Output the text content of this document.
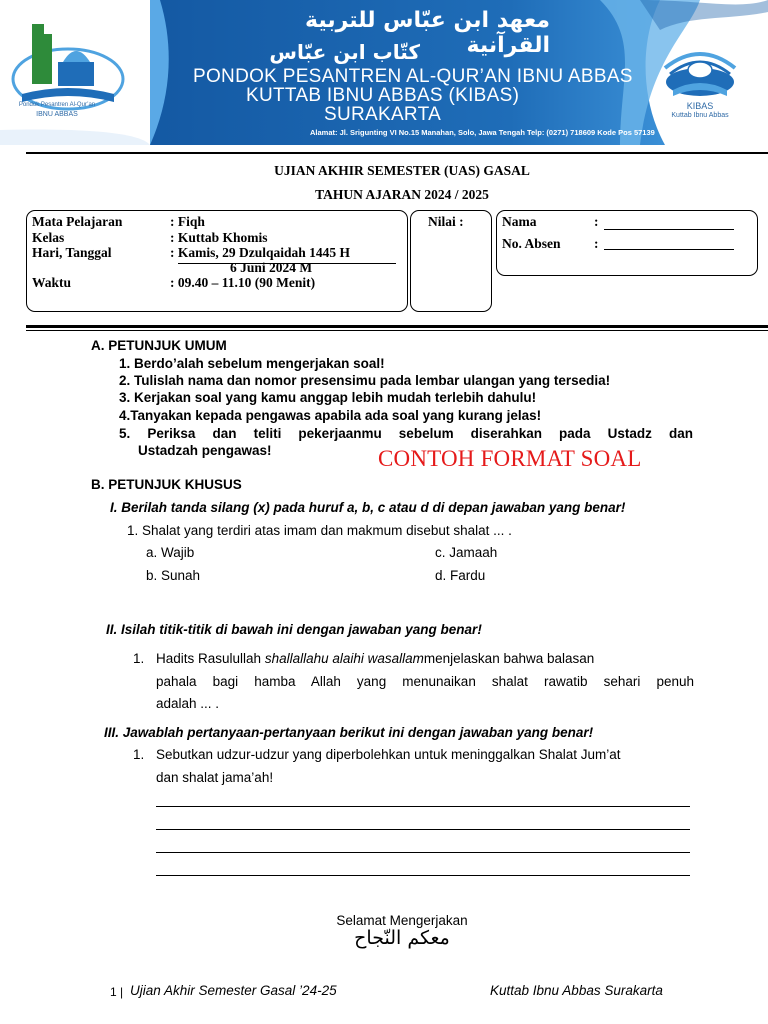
Pondok Pesantren Al-Qur’an
IBNU ABBAS
معهد ابن عبّاس للتربية القرآنية
كتّاب ابن عبّاس
PONDOK PESANTREN AL-QUR’AN IBNU ABBAS
KUTTAB IBNU ABBAS (KIBAS)
SURAKARTA
Alamat: Jl. Srigunting VI No.15 Manahan, Solo, Jawa Tengah Telp: (0271) 718609 Kode Pos 57139
KIBAS
Kuttab Ibnu Abbas
UJIAN AKHIR SEMESTER (UAS) GASAL
TAHUN AJARAN 2024 / 2025
Mata Pelajaran	: Fiqh
Kelas	: Kuttab Khomis
Hari, Tanggal	: Kamis, 29 Dzulqaidah 1445 H
6 Juni 2024 M
Waktu	: 09.40 – 11.10 (90 Menit)
Nilai :	Nama	:
No. Absen :
A. PETUNJUK UMUM
1. Berdo’alah sebelum mengerjakan soal!
2. Tulislah nama dan nomor presensimu pada lembar ulangan yang tersedia!
3. Kerjakan soal yang kamu anggap lebih mudah terlebih dahulu!
4.Tanyakan kepada pengawas apabila ada soal yang kurang jelas!
5. Periksa dan teliti pekerjaanmu sebelum diserahkan pada Ustadz dan
Ustadzah pengawas!	CONTOH FORMAT SOAL
B. PETUNJUK KHUSUS
I. Berilah tanda silang (x) pada huruf a, b, c atau d di depan jawaban yang benar!
1. Shalat yang terdiri atas imam dan makmum disebut shalat ... .
a. Wajib	c. Jamaah
b. Sunah	d. Fardu
II. Isilah titik-titik di bawah ini dengan jawaban yang benar!
1. Hadits Rasulullah shallallahu alaihi wasallammenjelaskan bahwa balasan
pahala bagi hamba Allah yang menunaikan shalat rawatib sehari penuh
adalah ... .
III. Jawablah pertanyaan-pertanyaan berikut ini dengan jawaban yang benar!
1. Sebutkan udzur-udzur yang diperbolehkan untuk meninggalkan Shalat Jum’at
dan shalat jama’ah!
Selamat Mengerjakan
معكم النّجاح
1 | Ujian Akhir Semester Gasal ’24-25	Kuttab Ibnu Abbas Surakarta
